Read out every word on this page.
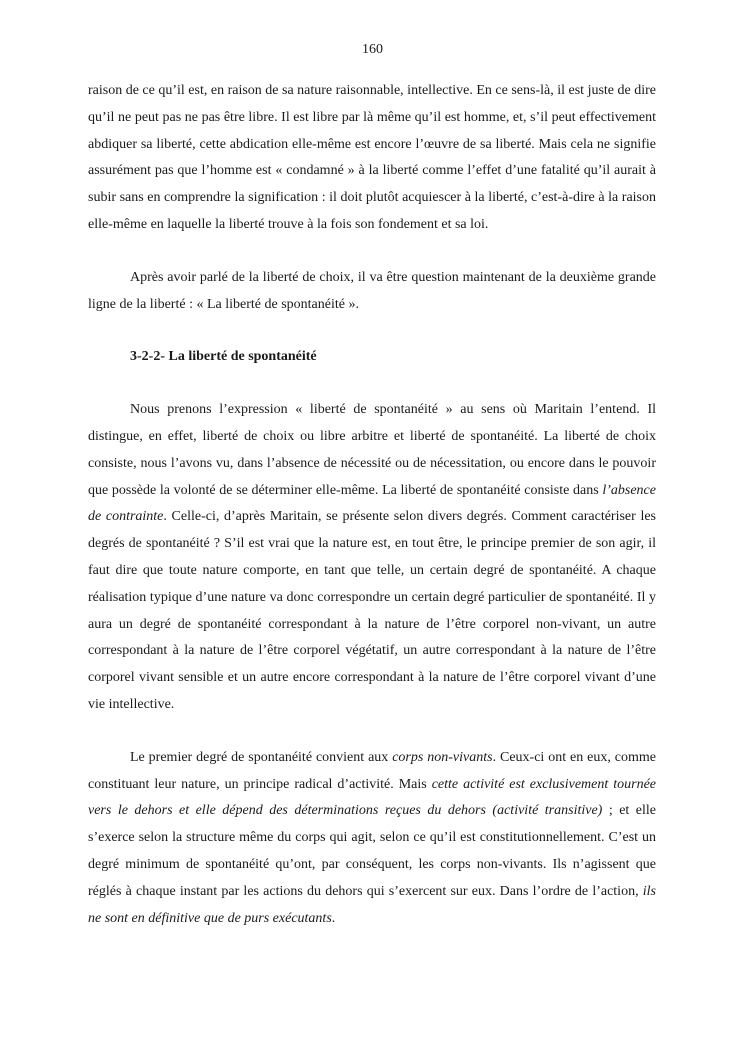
160

raison de ce qu’il est, en raison de sa nature raisonnable, intellective. En ce sens-là, il est juste de dire qu’il ne peut pas ne pas être libre. Il est libre par là même qu’il est homme, et, s’il peut effectivement abdiquer sa liberté, cette abdication elle-même est encore l’œuvre de sa liberté. Mais cela ne signifie assurément pas que l’homme est « condamné » à la liberté comme l’effet d’une fatalité qu’il aurait à subir sans en comprendre la signification : il doit plutôt acquiescer à la liberté, c’est-à-dire à la raison elle-même en laquelle la liberté trouve à la fois son fondement et sa loi.

Après avoir parlé de la liberté de choix, il va être question maintenant de la deuxième grande ligne de la liberté : « La liberté de spontanéité ».

3-2-2- La liberté de spontanéité

Nous prenons l’expression « liberté de spontanéité » au sens où Maritain l’entend. Il distingue, en effet, liberté de choix ou libre arbitre et liberté de spontanéité. La liberté de choix consiste, nous l’avons vu, dans l’absence de nécessité ou de nécessitation, ou encore dans le pouvoir que possède la volonté de se déterminer elle-même. La liberté de spontanéité consiste dans l’absence de contrainte. Celle-ci, d’après Maritain, se présente selon divers degrés. Comment caractériser les degrés de spontanéité ? S’il est vrai que la nature est, en tout être, le principe premier de son agir, il faut dire que toute nature comporte, en tant que telle, un certain degré de spontanéité. A chaque réalisation typique d’une nature va donc correspondre un certain degré particulier de spontanéité. Il y aura un degré de spontanéité correspondant à la nature de l’être corporel non-vivant, un autre correspondant à la nature de l’être corporel végétatif, un autre correspondant à la nature de l’être corporel vivant sensible et un autre encore correspondant à la nature de l’être corporel vivant d’une vie intellective.

Le premier degré de spontanéité convient aux corps non-vivants. Ceux-ci ont en eux, comme constituant leur nature, un principe radical d’activité. Mais cette activité est exclusivement tournée vers le dehors et elle dépend des déterminations reçues du dehors (activité transitive) ; et elle s’exerce selon la structure même du corps qui agit, selon ce qu’il est constitutionnellement. C’est un degré minimum de spontanéité qu’ont, par conséquent, les corps non-vivants. Ils n’agissent que réglés à chaque instant par les actions du dehors qui s’exercent sur eux. Dans l’ordre de l’action, ils ne sont en définitive que de purs exécutants.
